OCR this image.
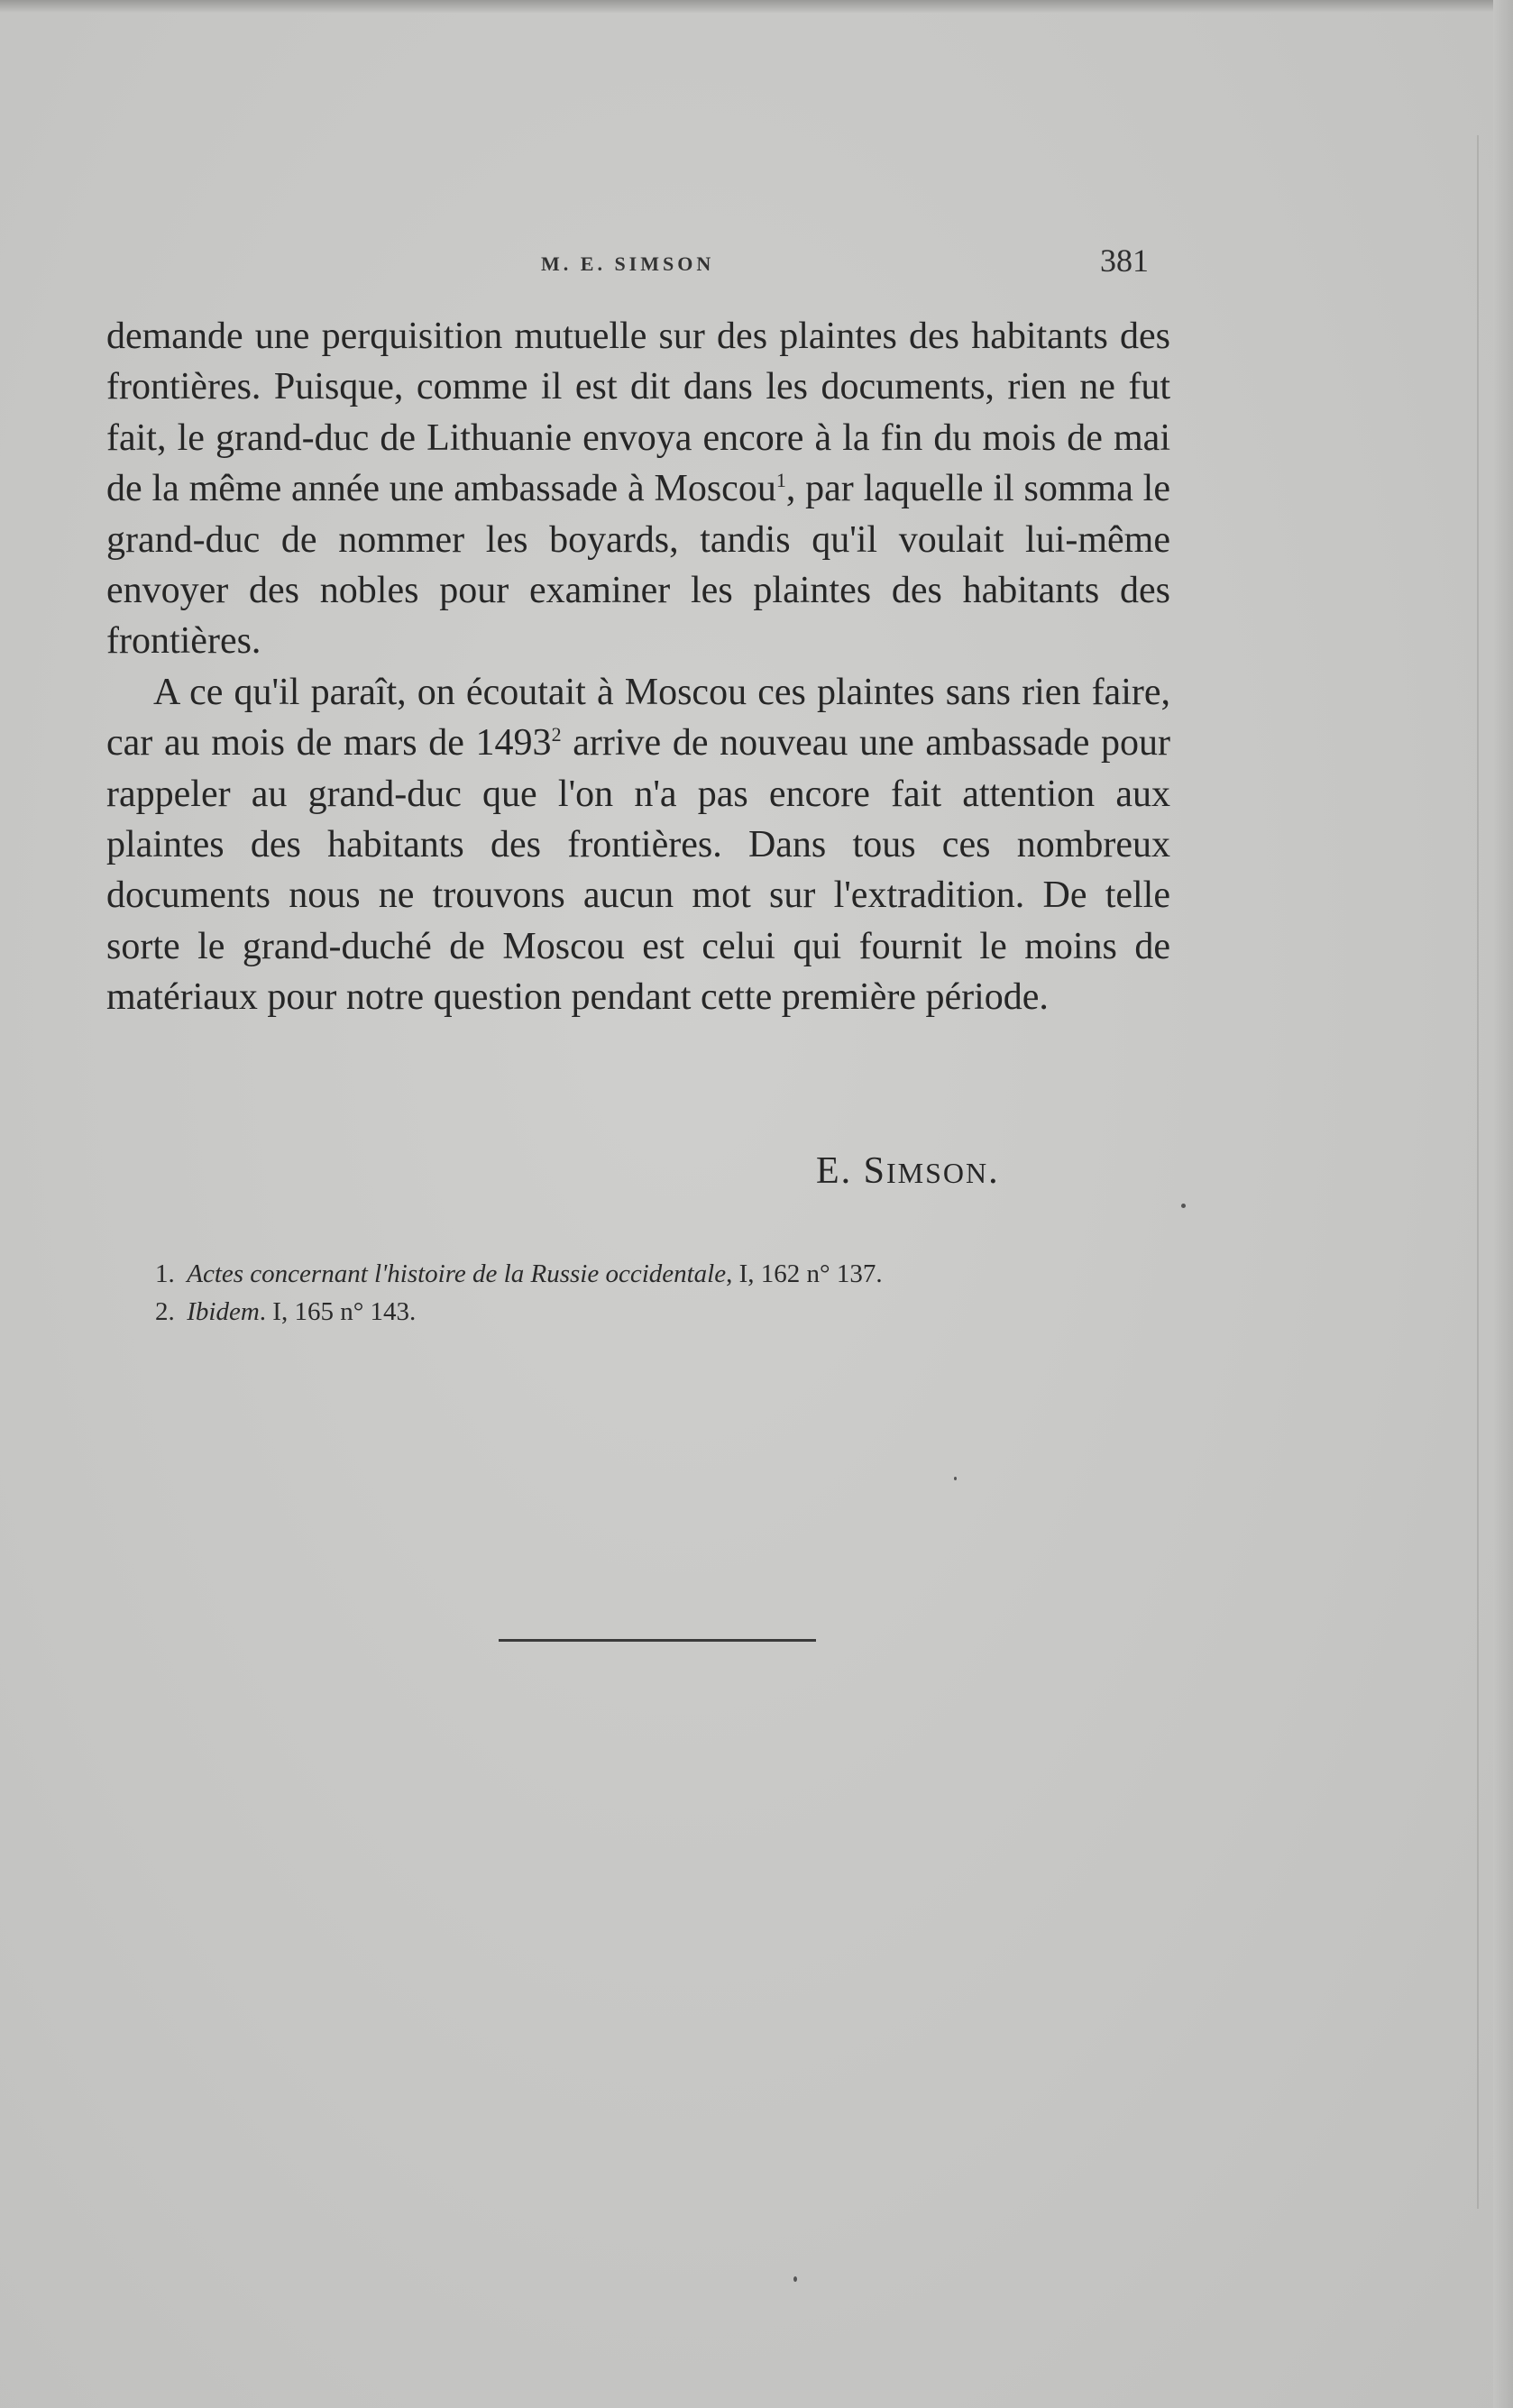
M. E. SIMSON	381

demande une perquisition mutuelle sur des plaintes des habitants des frontières. Puisque, comme il est dit dans les documents, rien ne fut fait, le grand-duc de Lithuanie envoya encore à la fin du mois de mai de la même année une ambassade à Moscou$^1$, par laquelle il somma le grand-duc de nommer les boyards, tandis qu'il voulait lui-même envoyer des nobles pour examiner les plaintes des habitants des frontières.

A ce qu'il paraît, on écoutait à Moscou ces plaintes sans rien faire, car au mois de mars de 1493$^2$ arrive de nouveau une ambassade pour rappeler au grand-duc que l'on n'a pas encore fait attention aux plaintes des habitants des frontières. Dans tous ces nombreux documents nous ne trouvons aucun mot sur l'extradition. De telle sorte le grand-duché de Moscou est celui qui fournit le moins de matériaux pour notre question pendant cette première période.

E. SIMSON.
1. Actes concernant l'histoire de la Russie occidentale, I, 162 n° 137.
2. Ibidem. I, 165 n° 143.
